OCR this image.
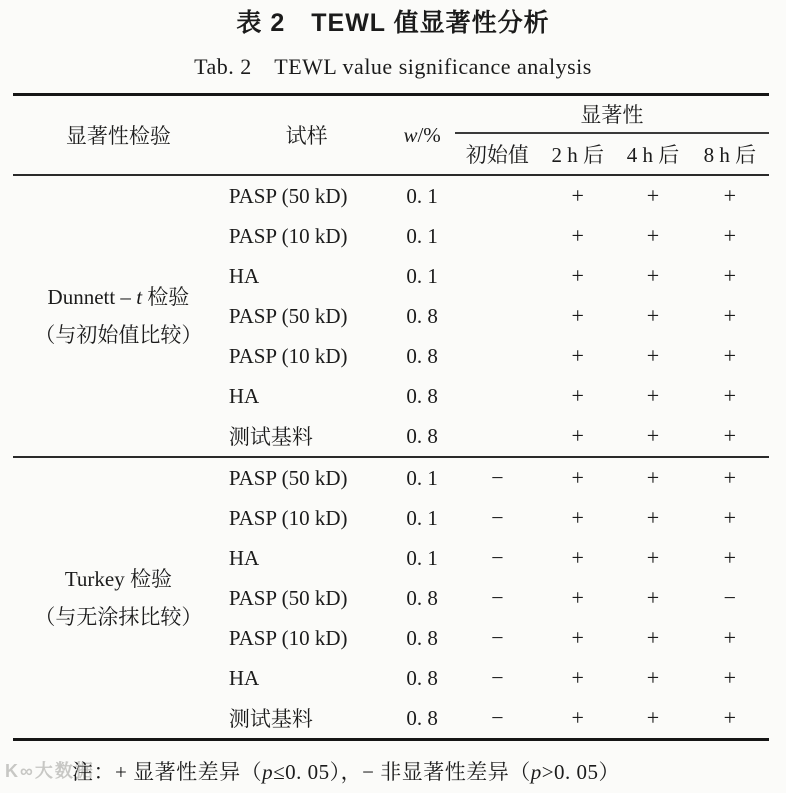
表 2　TEWL 值显著性分析
Tab. 2　TEWL value significance analysis
显著性检验	试样	w/%	显著性			
			初始值	2 h 后	4 h 后	8 h 后

Dunnett – t 检验
（与初始值比较）	PASP (50 kD)	0. 1		+	+	+
	PASP (10 kD)	0. 1		+	+	+
	HA	0. 1		+	+	+
	PASP (50 kD)	0. 8		+	+	+
	PASP (10 kD)	0. 8		+	+	+
	HA	0. 8		+	+	+
	测试基料	0. 8		+	+	+

Turkey 检验
（与无涂抹比较）	PASP (50 kD)	0. 1	−	+	+	+
	PASP (10 kD)	0. 1	−	+	+	+
	HA	0. 1	−	+	+	+
	PASP (50 kD)	0. 8	−	+	+	−
	PASP (10 kD)	0. 8	−	+	+	+
	HA	0. 8	−	+	+	+
	测试基料	0. 8	−	+	+	+
注：+ 显著性差异（p≤0. 05），− 非显著性差异（p>0. 05）
K∞大数据
